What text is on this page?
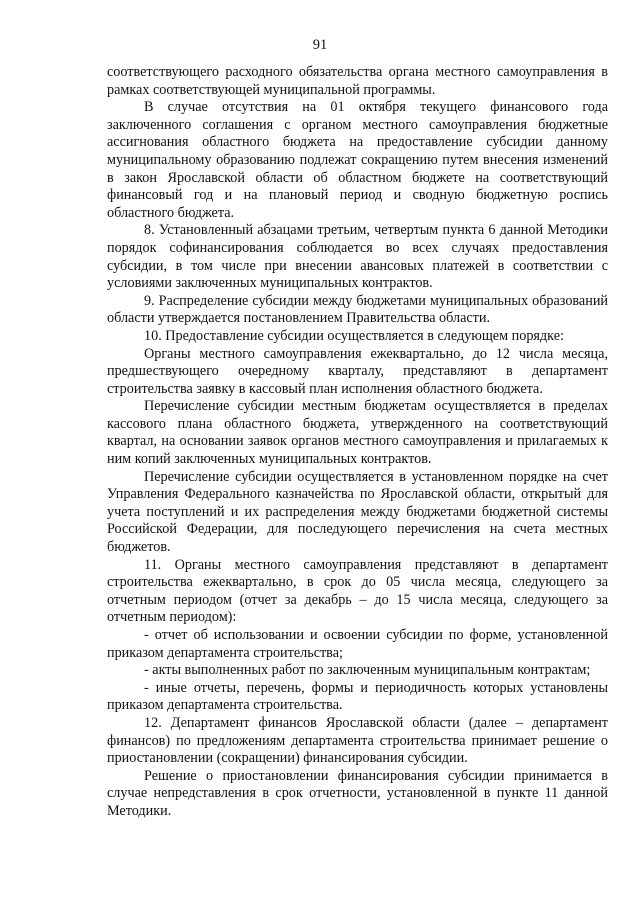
91

соответствующего расходного обязательства органа местного самоуправления в рамках соответствующей муниципальной программы.

В случае отсутствия на 01 октября текущего финансового года заключенного соглашения с органом местного самоуправления бюджетные ассигнования областного бюджета на предоставление субсидии данному муниципальному образованию подлежат сокращению путем внесения изменений в закон Ярославской области об областном бюджете на соответствующий финансовый год и на плановый период и сводную бюджетную роспись областного бюджета.

8. Установленный абзацами третьим, четвертым пункта 6 данной Методики порядок софинансирования соблюдается во всех случаях предоставления субсидии, в том числе при внесении авансовых платежей в соответствии с условиями заключенных муниципальных контрактов.

9. Распределение субсидии между бюджетами муниципальных образований области утверждается постановлением Правительства области.

10. Предоставление субсидии осуществляется в следующем порядке:

Органы местного самоуправления ежеквартально, до 12 числа месяца, предшествующего очередному кварталу, представляют в департамент строительства заявку в кассовый план исполнения областного бюджета.

Перечисление субсидии местным бюджетам осуществляется в пределах кассового плана областного бюджета, утвержденного на соответствующий квартал, на основании заявок органов местного самоуправления и прилагаемых к ним копий заключенных муниципальных контрактов.

Перечисление субсидии осуществляется в установленном порядке на счет Управления Федерального казначейства по Ярославской области, открытый для учета поступлений и их распределения между бюджетами бюджетной системы Российской Федерации, для последующего перечисления на счета местных бюджетов.

11. Органы местного самоуправления представляют в департамент строительства ежеквартально, в срок до 05 числа месяца, следующего за отчетным периодом (отчет за декабрь – до 15 числа месяца, следующего за отчетным периодом):

- отчет об использовании и освоении субсидии по форме, установленной приказом департамента строительства;

- акты выполненных работ по заключенным муниципальным контрактам;

- иные отчеты, перечень, формы и периодичность которых установлены приказом департамента строительства.

12. Департамент финансов Ярославской области (далее – департамент финансов) по предложениям департамента строительства принимает решение о приостановлении (сокращении) финансирования субсидии.

Решение о приостановлении финансирования субсидии принимается в случае непредставления в срок отчетности, установленной в пункте 11 данной Методики.
